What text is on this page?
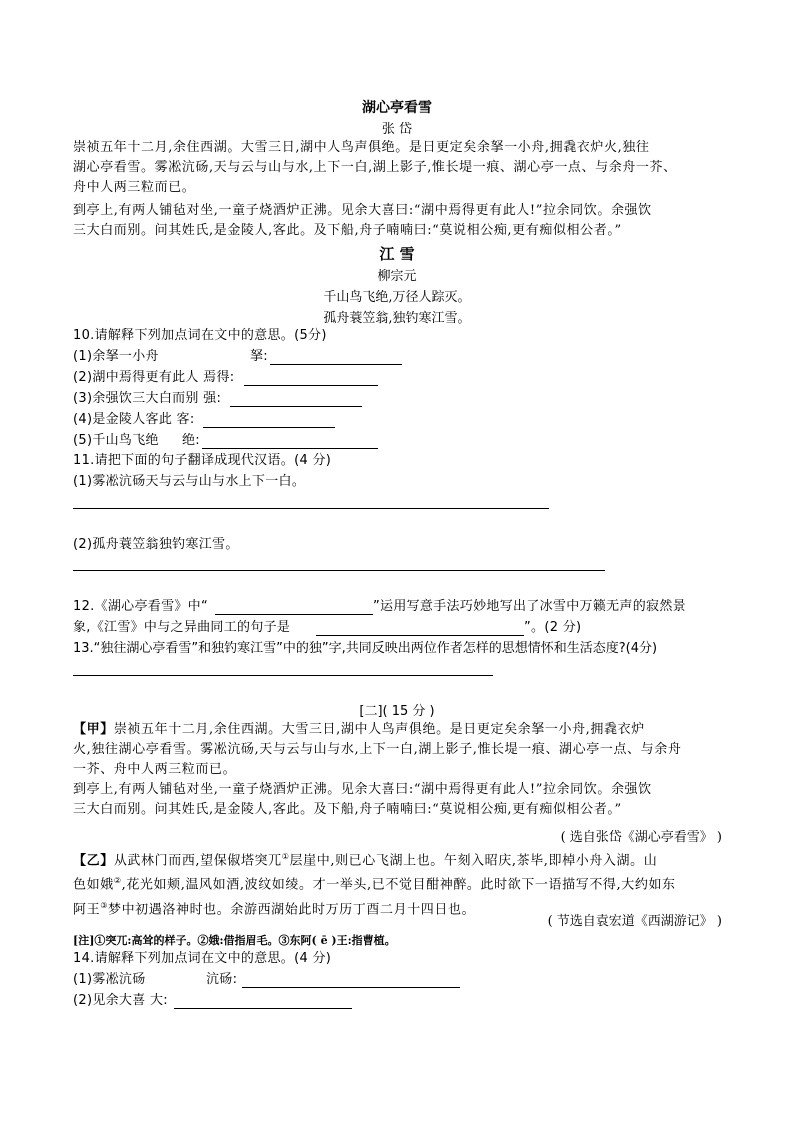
湖心亭看雪
张 岱
崇祯五年十二月,余住西湖。大雪三日,湖中人鸟声俱绝。是日更定矣余拏一小舟,拥毳衣炉火,独往
湖心亭看雪。雾凇沆砀,天与云与山与水,上下一白,湖上影子,惟长堤一痕、湖心亭一点、与余舟一芥、
舟中人两三粒而已。
到亭上,有两人铺毡对坐,一童子烧酒炉正沸。见余大喜曰:“湖中焉得更有此人!”拉余同饮。余强饮
三大白而别。问其姓氏,是金陵人,客此。及下船,舟子喃喃曰:“莫说相公痴,更有痴似相公者。”
江 雪
柳宗元
千山鸟飞绝,万径人踪灭。
孤舟蓑笠翁,独钓寒江雪。
10.请解释下列加点词在文中的意思。(5分)
(1)余拏一小舟	拏:
(2)湖中焉得更有此人 焉得:
(3)余强饮三大白而别 强:
(4)是金陵人客此 客:
(5)千山鸟飞绝 绝:
11.请把下面的句子翻译成现代汉语。(4 分)
(1)雾凇沆砀天与云与山与水上下一白。
(2)孤舟蓑笠翁独钓寒江雪。
12.《湖心亭看雪》中“	”运用写意手法巧妙地写出了冰雪中万籁无声的寂然景
象,《江雪》中与之异曲同工的句子是	”。(2 分)
13.“独往湖心亭看雪”和独钓寒江雪”中的独”字,共同反映出两位作者怎样的思想情怀和生活态度?(4分)
[二]( 15 分 )
【甲】崇祯五年十二月,余住西湖。大雪三日,湖中人鸟声俱绝。是日更定矣余拏一小舟,拥毳衣炉
火,独往湖心亭看雪。雾凇沆砀,天与云与山与水,上下一白,湖上影子,惟长堤一痕、湖心亭一点、与余舟
一芥、舟中人两三粒而已。
到亭上,有两人铺毡对坐,一童子烧酒炉正沸。见余大喜曰:“湖中焉得更有此人!”拉余同饮。余强饮
三大白而别。问其姓氏,是金陵人,客此。及下船,舟子喃喃曰:“莫说相公痴,更有痴似相公者。”
( 选自张岱《湖心亭看雪》 )
【乙】从武林门而西,望保俶塔突兀①层崖中,则已心飞湖上也。午刻入昭庆,茶毕,即棹小舟入湖。山
色如娥②,花光如颊,温风如酒,波纹如绫。才一举头,已不觉目酣神醉。此时欲下一语描写不得,大约如东
阿王③梦中初遇洛神时也。余游西湖始此时万历丁酉二月十四日也。
( 节选自袁宏道《西湖游记》 )
[注]①突兀:高耸的样子。②娥:借指眉毛。③东阿( ē )王:指曹植。
14.请解释下列加点词在文中的意思。(4 分)
(1)雾凇沆砀	沆砀:
(2)见余大喜 大:
